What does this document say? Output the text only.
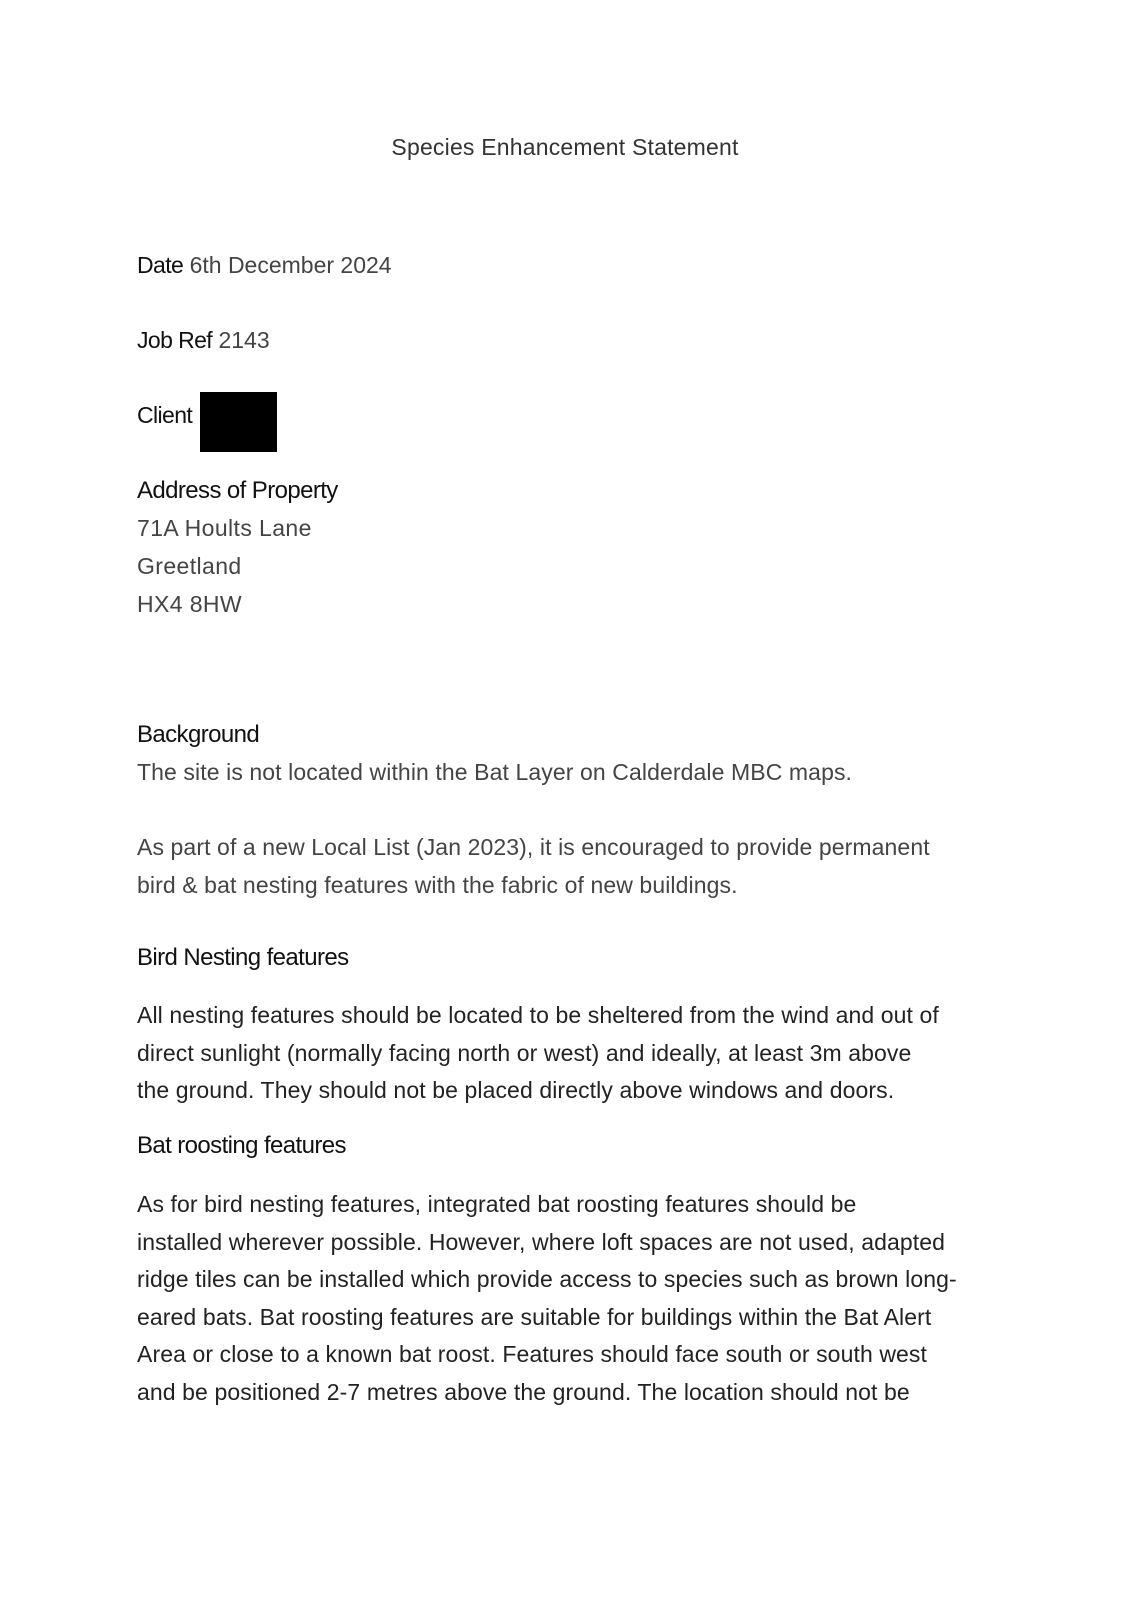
Species Enhancement Statement
Date 6th December 2024
Job Ref 2143
Client
Address of Property
71A Hoults Lane
Greetland
HX4 8HW
Background
The site is not located within the Bat Layer on Calderdale MBC maps.
As part of a new Local List (Jan 2023), it is encouraged to provide permanent
bird & bat nesting features with the fabric of new buildings.
Bird Nesting features
All nesting features should be located to be sheltered from the wind and out of
direct sunlight (normally facing north or west) and ideally, at least 3m above
the ground. They should not be placed directly above windows and doors.
Bat roosting features
As for bird nesting features, integrated bat roosting features should be
installed wherever possible. However, where loft spaces are not used, adapted
ridge tiles can be installed which provide access to species such as brown long-
eared bats. Bat roosting features are suitable for buildings within the Bat Alert
Area or close to a known bat roost. Features should face south or south west
and be positioned 2-7 metres above the ground. The location should not be
